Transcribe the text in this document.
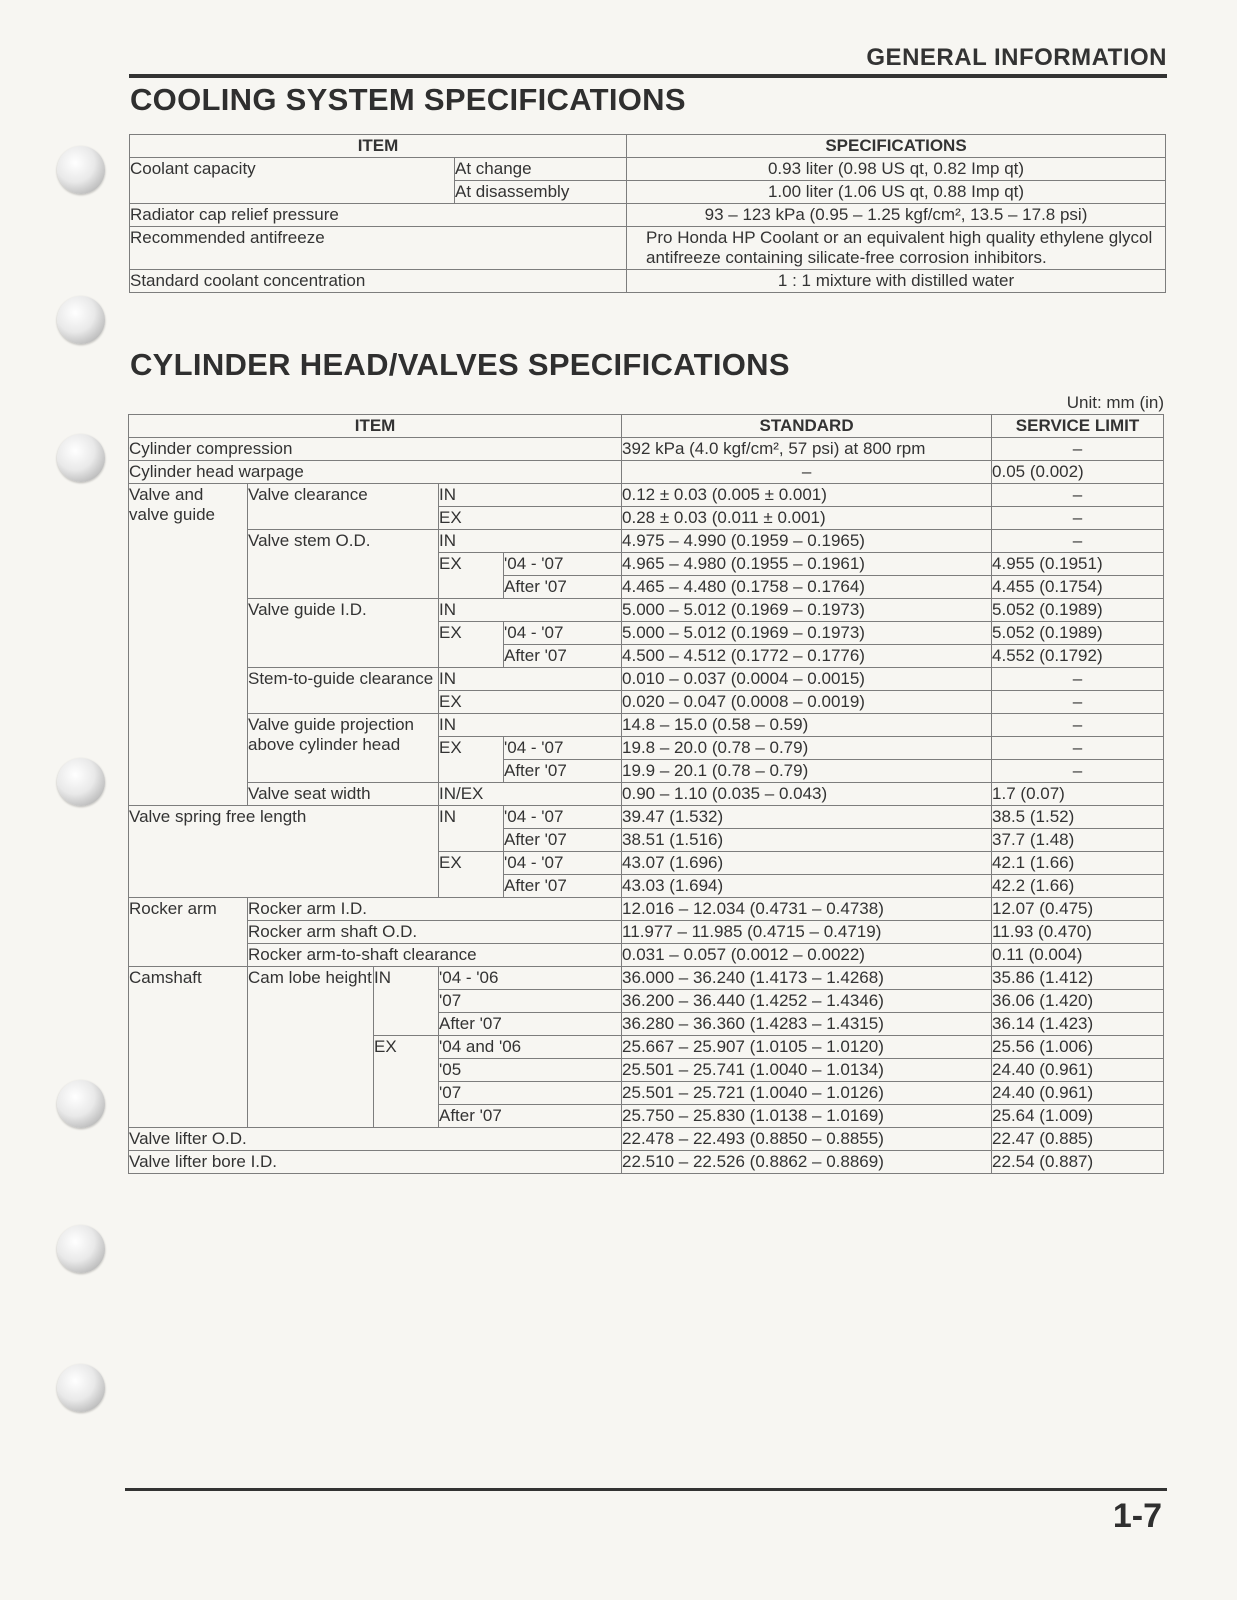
GENERAL INFORMATION
COOLING SYSTEM SPECIFICATIONS
ITEM		SPECIFICATIONS
Coolant capacity	At change	0.93 liter (0.98 US qt, 0.82 Imp qt)
	At disassembly	1.00 liter (1.06 US qt, 0.88 Imp qt)
Radiator cap relief pressure		93 – 123 kPa (0.95 – 1.25 kgf/cm², 13.5 – 17.8 psi)
Recommended antifreeze		Pro Honda HP Coolant or an equivalent high quality ethylene glycol antifreeze containing silicate-free corrosion inhibitors.
Standard coolant concentration		1 : 1 mixture with distilled water
CYLINDER HEAD/VALVES SPECIFICATIONS
Unit: mm (in)
ITEM					STANDARD	SERVICE LIMIT
Cylinder compression					392 kPa (4.0 kgf/cm², 57 psi) at 800 rpm	–
Cylinder head warpage					–	0.05 (0.002)
Valve and valve guide	Valve clearance		IN		0.12 ± 0.03 (0.005 ± 0.001)	–
			EX		0.28 ± 0.03 (0.011 ± 0.001)	–
	Valve stem O.D.		IN		4.975 – 4.990 (0.1959 – 0.1965)	–
			EX	'04 - '07	4.965 – 4.980 (0.1955 – 0.1961)	4.955 (0.1951)
				After '07	4.465 – 4.480 (0.1758 – 0.1764)	4.455 (0.1754)
	Valve guide I.D.		IN		5.000 – 5.012 (0.1969 – 0.1973)	5.052 (0.1989)
			EX	'04 - '07	5.000 – 5.012 (0.1969 – 0.1973)	5.052 (0.1989)
				After '07	4.500 – 4.512 (0.1772 – 0.1776)	4.552 (0.1792)
	Stem-to-guide clearance		IN		0.010 – 0.037 (0.0004 – 0.0015)	–
			EX		0.020 – 0.047 (0.0008 – 0.0019)	–
	Valve guide projection above cylinder head		IN		14.8 – 15.0 (0.58 – 0.59)	–
			EX	'04 - '07	19.8 – 20.0 (0.78 – 0.79)	–
				After '07	19.9 – 20.1 (0.78 – 0.79)	–
	Valve seat width		IN/EX		0.90 – 1.10 (0.035 – 0.043)	1.7 (0.07)
Valve spring free length			IN	'04 - '07	39.47 (1.532)	38.5 (1.52)
				After '07	38.51 (1.516)	37.7 (1.48)
			EX	'04 - '07	43.07 (1.696)	42.1 (1.66)
				After '07	43.03 (1.694)	42.2 (1.66)
Rocker arm	Rocker arm I.D.				12.016 – 12.034 (0.4731 – 0.4738)	12.07 (0.475)
	Rocker arm shaft O.D.				11.977 – 11.985 (0.4715 – 0.4719)	11.93 (0.470)
	Rocker arm-to-shaft clearance				0.031 – 0.057 (0.0012 – 0.0022)	0.11 (0.004)
Camshaft	Cam lobe height	IN	'04 - '06		36.000 – 36.240 (1.4173 – 1.4268)	35.86 (1.412)
			'07		36.200 – 36.440 (1.4252 – 1.4346)	36.06 (1.420)
			After '07		36.280 – 36.360 (1.4283 – 1.4315)	36.14 (1.423)
		EX	'04 and '06		25.667 – 25.907 (1.0105 – 1.0120)	25.56 (1.006)
			'05		25.501 – 25.741 (1.0040 – 1.0134)	24.40 (0.961)
			'07		25.501 – 25.721 (1.0040 – 1.0126)	24.40 (0.961)
			After '07		25.750 – 25.830 (1.0138 – 1.0169)	25.64 (1.009)
Valve lifter O.D.					22.478 – 22.493 (0.8850 – 0.8855)	22.47 (0.885)
Valve lifter bore I.D.					22.510 – 22.526 (0.8862 – 0.8869)	22.54 (0.887)
1-7
